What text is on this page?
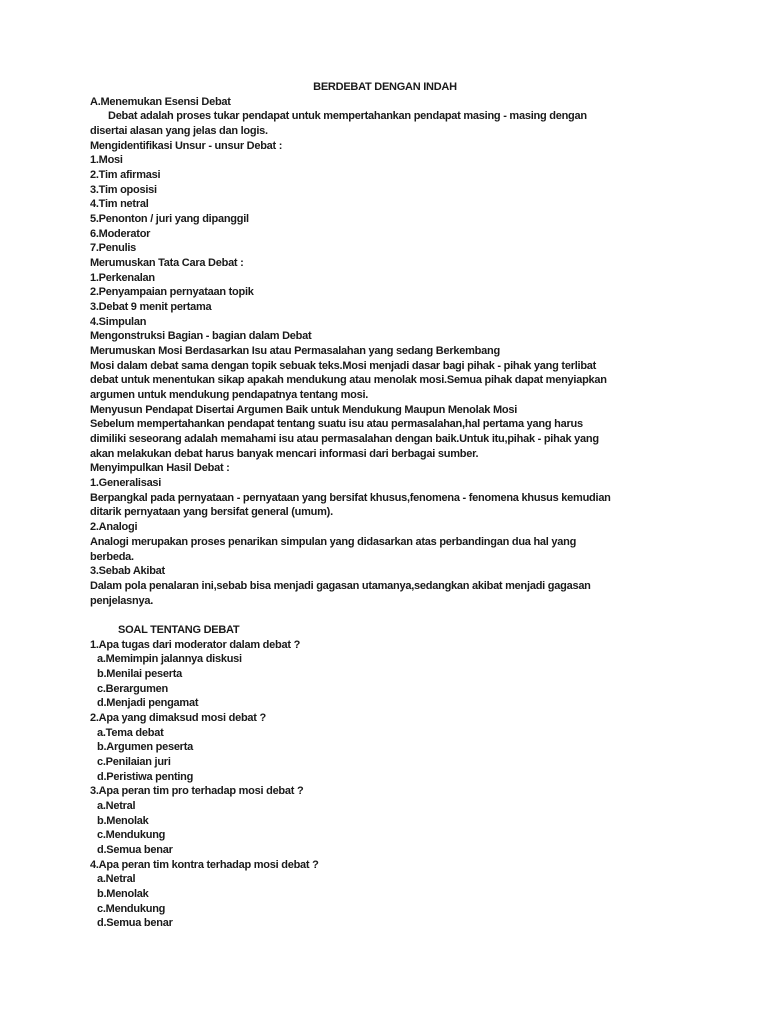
BERDEBAT DENGAN INDAH
A.Menemukan Esensi Debat
Debat adalah proses tukar pendapat untuk mempertahankan pendapat masing - masing dengan
disertai alasan yang jelas dan logis.
Mengidentifikasi Unsur - unsur Debat :
1.Mosi
2.Tim afirmasi
3.Tim oposisi
4.Tim netral
5.Penonton / juri yang dipanggil
6.Moderator
7.Penulis
Merumuskan Tata Cara Debat :
1.Perkenalan
2.Penyampaian pernyataan topik
3.Debat 9 menit pertama
4.Simpulan
Mengonstruksi Bagian - bagian dalam Debat
Merumuskan Mosi Berdasarkan Isu atau Permasalahan yang sedang Berkembang
Mosi dalam debat sama dengan topik sebuak teks.Mosi menjadi dasar bagi pihak - pihak yang terlibat
debat untuk menentukan sikap apakah mendukung atau menolak mosi.Semua pihak dapat menyiapkan
argumen untuk mendukung pendapatnya tentang mosi.
Menyusun Pendapat Disertai Argumen Baik untuk Mendukung Maupun Menolak Mosi
Sebelum mempertahankan pendapat tentang suatu isu atau permasalahan,hal pertama yang harus
dimiliki seseorang adalah memahami isu atau permasalahan dengan baik.Untuk itu,pihak - pihak yang
akan melakukan debat harus banyak mencari informasi dari berbagai sumber.
Menyimpulkan Hasil Debat :
1.Generalisasi
Berpangkal pada pernyataan - pernyataan yang bersifat khusus,fenomena - fenomena khusus kemudian
ditarik pernyataan yang bersifat general (umum).
2.Analogi
Analogi merupakan proses penarikan simpulan yang didasarkan atas perbandingan dua hal yang
berbeda.
3.Sebab Akibat
Dalam pola penalaran ini,sebab bisa menjadi gagasan utamanya,sedangkan akibat menjadi gagasan
penjelasnya.
SOAL TENTANG DEBAT
1.Apa tugas dari moderator dalam debat ?
a.Memimpin jalannya diskusi
b.Menilai peserta
c.Berargumen
d.Menjadi pengamat
2.Apa yang dimaksud mosi debat ?
a.Tema debat
b.Argumen peserta
c.Penilaian juri
d.Peristiwa penting
3.Apa peran tim pro terhadap mosi debat ?
a.Netral
b.Menolak
c.Mendukung
d.Semua benar
4.Apa peran tim kontra terhadap mosi debat ?
a.Netral
b.Menolak
c.Mendukung
d.Semua benar
